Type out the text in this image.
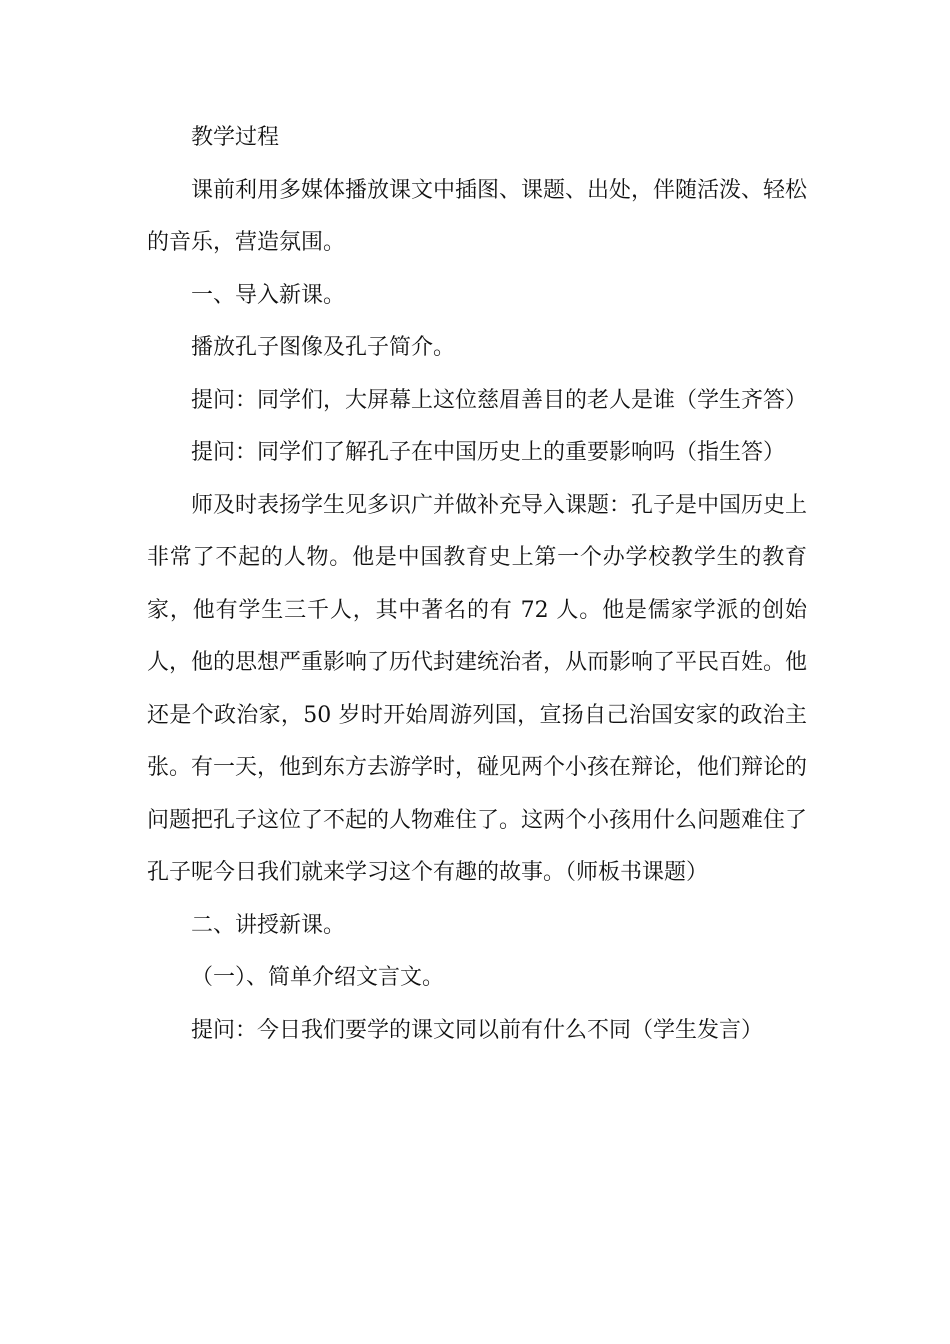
教学过程

课前利用多媒体播放课文中插图、课题、出处，伴随活泼、轻松的音乐，营造氛围。

一、导入新课。

播放孔子图像及孔子简介。

提问：同学们，大屏幕上这位慈眉善目的老人是谁（学生齐答）

提问：同学们了解孔子在中国历史上的重要影响吗（指生答）

师及时表扬学生见多识广并做补充导入课题：孔子是中国历史上非常了不起的人物。他是中国教育史上第一个办学校教学生的教育家，他有学生三千人，其中著名的有 72 人。他是儒家学派的创始人，他的思想严重影响了历代封建统治者，从而影响了平民百姓。他还是个政治家，50 岁时开始周游列国，宣扬自己治国安家的政治主张。有一天，他到东方去游学时，碰见两个小孩在辩论，他们辩论的问题把孔子这位了不起的人物难住了。这两个小孩用什么问题难住了孔子呢今日我们就来学习这个有趣的故事。（师板书课题）

二、讲授新课。

（一）、简单介绍文言文。

提问：今日我们要学的课文同以前有什么不同（学生发言）
